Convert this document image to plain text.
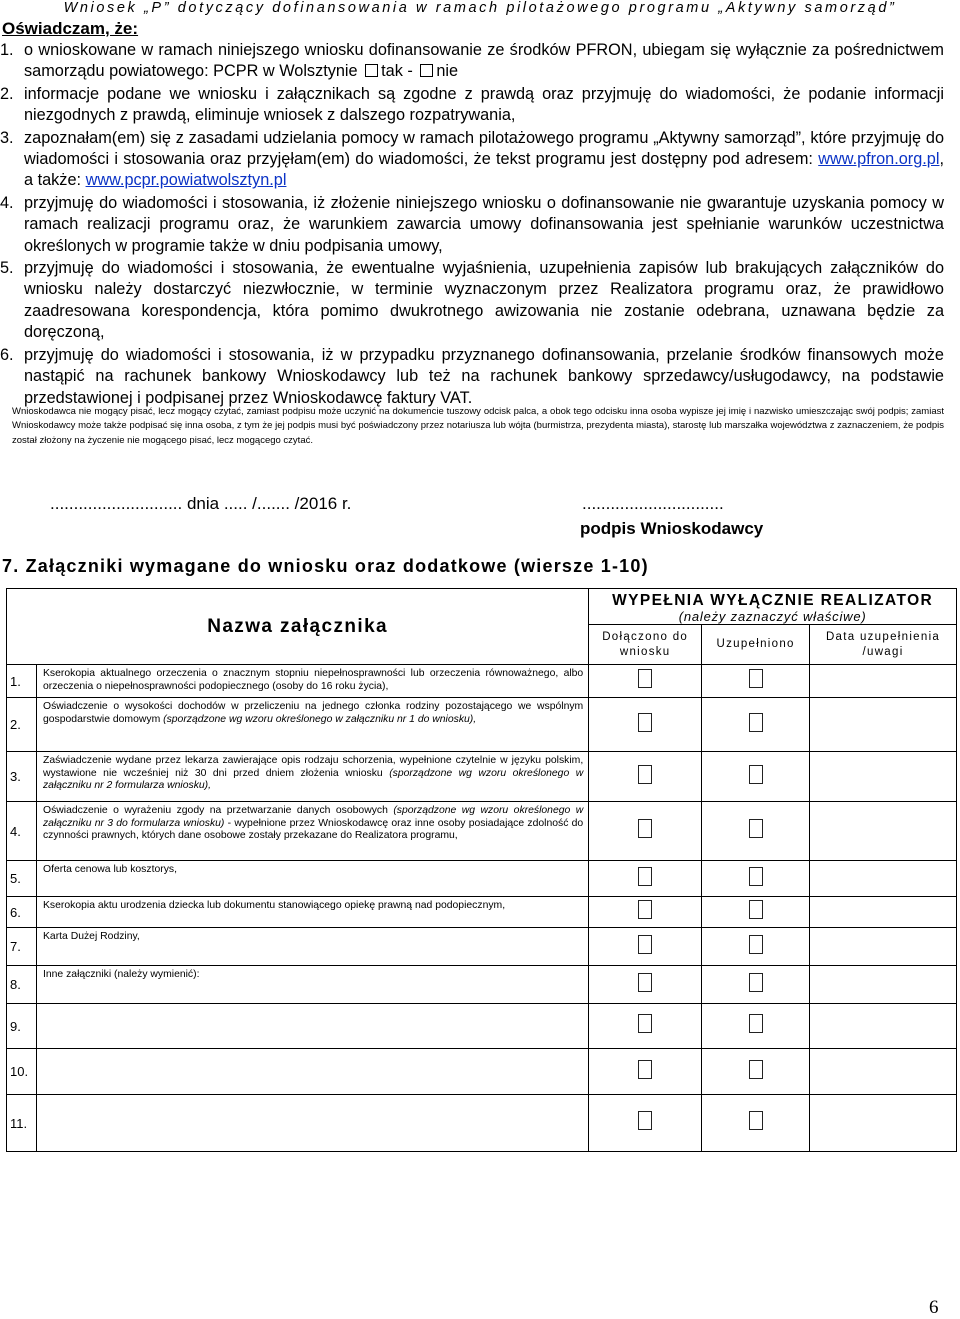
Wniosek „P” dotyczący dofinansowania w ramach pilotażowego programu „Aktywny samorząd”
Oświadczam, że:
1. o wnioskowane w ramach niniejszego wniosku dofinansowanie ze środków PFRON, ubiegam się wyłącznie za pośrednictwem samorządu powiatowego: PCPR w Wolsztynie tak - nie
2. informacje podane we wniosku i załącznikach są zgodne z prawdą oraz przyjmuję do wiadomości, że podanie informacji niezgodnych z prawdą, eliminuje wniosek z dalszego rozpatrywania,
3. zapoznałam(em) się z zasadami udzielania pomocy w ramach pilotażowego programu „Aktywny samorząd”, które przyjmuję do wiadomości i stosowania oraz przyjęłam(em) do wiadomości, że tekst programu jest dostępny pod adresem: www.pfron.org.pl, a także: www.pcpr.powiatwolsztyn.pl
4. przyjmuję do wiadomości i stosowania, iż złożenie niniejszego wniosku o dofinansowanie nie gwarantuje uzyskania pomocy w ramach realizacji programu oraz, że warunkiem zawarcia umowy dofinansowania jest spełnianie warunków uczestnictwa określonych w programie także w dniu podpisania umowy,
5. przyjmuję do wiadomości i stosowania, że ewentualne wyjaśnienia, uzupełnienia zapisów lub brakujących załączników do wniosku należy dostarczyć niezwłocznie, w terminie wyznaczonym przez Realizatora programu oraz, że prawidłowo zaadresowana korespondencja, która pomimo dwukrotnego awizowania nie zostanie odebrana, uznawana będzie za doręczoną,
6. przyjmuję do wiadomości i stosowania, iż w przypadku przyznanego dofinansowania, przelanie środków finansowych może nastąpić na rachunek bankowy Wnioskodawcy lub też na rachunek bankowy sprzedawcy/usługodawcy, na podstawie przedstawionej i podpisanej przez Wnioskodawcę faktury VAT.
Wnioskodawca nie mogący pisać, lecz mogący czytać, zamiast podpisu może uczynić na dokumencie tuszowy odcisk palca, a obok tego odcisku inna osoba wypisze jej imię i nazwisko umieszczając swój podpis; zamiast Wnioskodawcy może także podpisać się inna osoba, z tym że jej podpis musi być poświadczony przez notariusza lub wójta (burmistrza, prezydenta miasta), starostę lub marszałka województwa z zaznaczeniem, że podpis został złożony na życzenie nie mogącego pisać, lecz mogącego czytać.
............................ dnia ..... /....... /2016 r.	..............................
podpis Wnioskodawcy
7. Załączniki wymagane do wniosku oraz dodatkowe (wiersze 1-10)
Nazwa załącznika		WYPEŁNIA WYŁĄCZNIE REALIZATOR
(należy zaznaczyć właściwe)		

		Dołączono do wniosku	Uzupełniono	Data uzupełnienia /uwagi
1.	Kserokopia aktualnego orzeczenia o znacznym stopniu niepełnosprawności lub orzeczenia równoważnego, albo orzeczenia o niepełnosprawności podopiecznego (osoby do 16 roku życia),			
2.	Oświadczenie o wysokości dochodów w przeliczeniu na jednego członka rodziny pozostającego we wspólnym gospodarstwie domowym (sporządzone wg wzoru określonego w załączniku nr 1 do wniosku),			
3.	Zaświadczenie wydane przez lekarza zawierające opis rodzaju schorzenia, wypełnione czytelnie w języku polskim, wystawione nie wcześniej niż 30 dni przed dniem złożenia wniosku (sporządzone wg wzoru określonego w załączniku nr 2 formularza wniosku),			
4.	Oświadczenie o wyrażeniu zgody na przetwarzanie danych osobowych (sporządzone wg wzoru określonego w załączniku nr 3 do formularza wniosku) - wypełnione przez Wnioskodawcę oraz inne osoby posiadające zdolność do czynności prawnych, których dane osobowe zostały przekazane do Realizatora programu,			
5.	Oferta cenowa lub kosztorys,			
6.	Kserokopia aktu urodzenia dziecka lub dokumentu stanowiącego opiekę prawną nad podopiecznym,			
7.	Karta Dużej Rodziny,			
8.	Inne załączniki (należy wymienić):			
9.				
10.				
11.				
6
